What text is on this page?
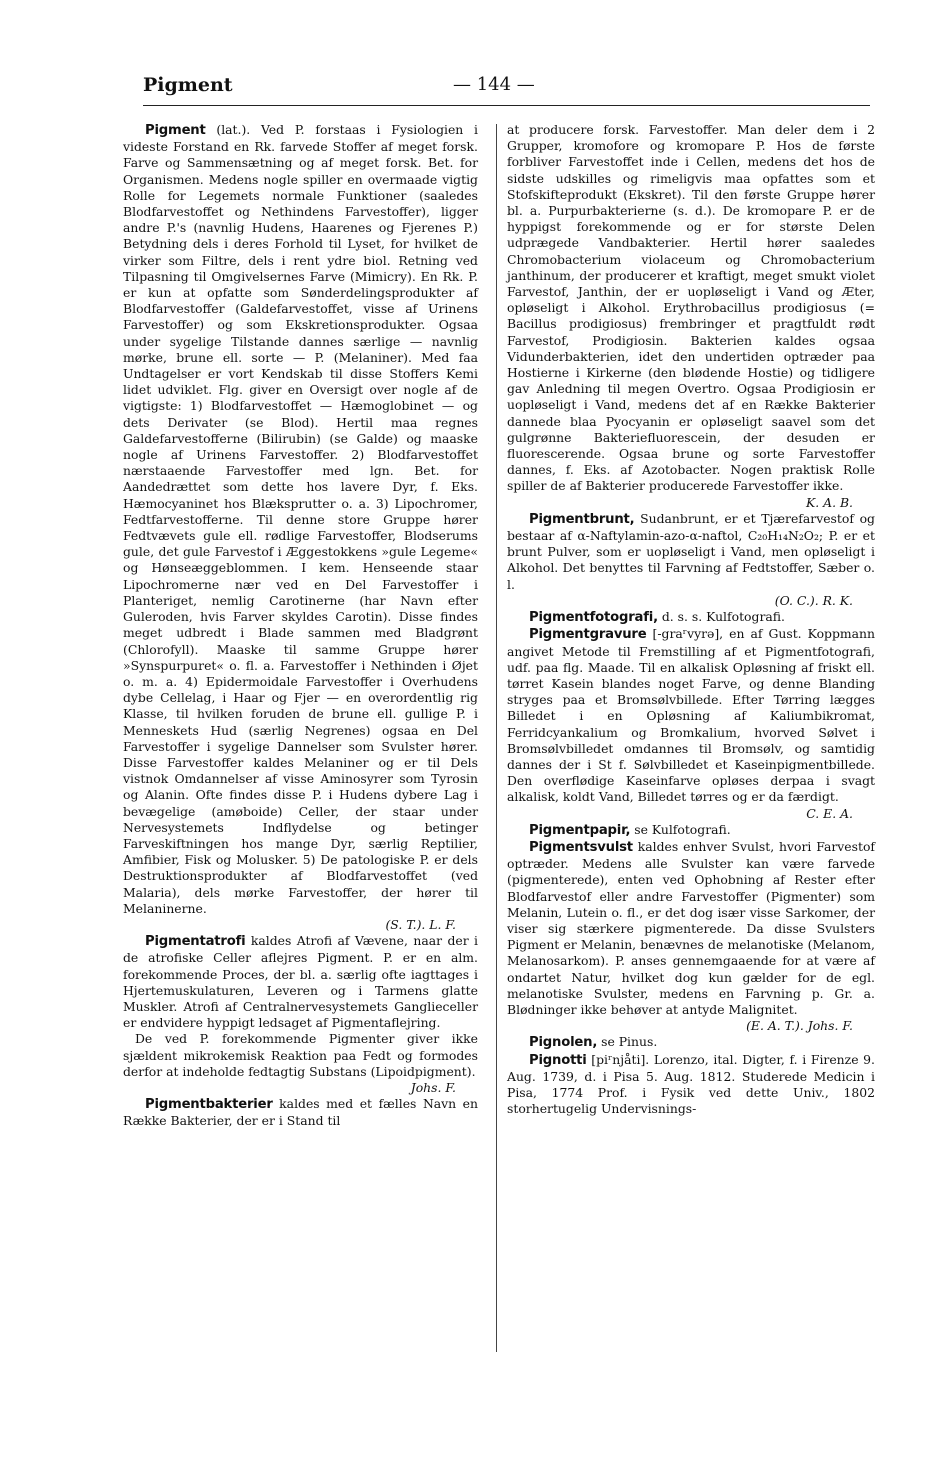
Pigment	— 144 —

Pigment (lat.). Ved P. forstaas i Fysiologien i videste Forstand en Rk. farvede Stoffer af meget forsk. Farve og Sammensætning og af meget forsk. Bet. for Organismen. Medens nogle spiller en overmaade vigtig Rolle for Legemets normale Funktioner (saaledes Blodfarvestoffet og Nethindens Farvestoffer), ligger andre P.'s (navnlig Hudens, Haarenes og Fjerenes P.) Betydning dels i deres Forhold til Lyset, for hvilket de virker som Filtre, dels i rent ydre biol. Retning ved Tilpasning til Omgivelsernes Farve (Mimicry). En Rk. P. er kun at opfatte som Sønderdelingsprodukter af Blodfarvestoffer (Galdefarvestoffet, visse af Urinens Farvestoffer) og som Ekskretionsprodukter. Ogsaa under sygelige Tilstande dannes særlige — navnlig mørke, brune ell. sorte — P. (Melaniner). Med faa Undtagelser er vort Kendskab til disse Stoffers Kemi lidet udviklet. Flg. giver en Oversigt over nogle af de vigtigste: 1) Blodfarvestoffet — Hæmoglobinet — og dets Derivater (se Blod). Hertil maa regnes Galdefarvestofferne (Bilirubin) (se Galde) og maaske nogle af Urinens Farvestoffer. 2) Blodfarvestoffet nærstaaende Farvestoffer med lgn. Bet. for Aandedrættet som dette hos lavere Dyr, f. Eks. Hæmocyaninet hos Blæksprutter o. a. 3) Lipochromer, Fedtfarvestofferne. Til denne store Gruppe hører Fedtvævets gule ell. rødlige Farvestoffer, Blodserums gule, det gule Farvestof i Æggestokkens »gule Legeme« og Hønseæggeblommen. I kem. Henseende staar Lipochromerne nær ved en Del Farvestoffer i Planteriget, nemlig Carotinerne (har Navn efter Guleroden, hvis Farver skyldes Carotin). Disse findes meget udbredt i Blade sammen med Bladgrønt (Chlorofyll). Maaske til samme Gruppe hører »Synspurpuret« o. fl. a. Farvestoffer i Nethinden i Øjet o. m. a. 4) Epidermoidale Farvestoffer i Overhudens dybe Cellelag, i Haar og Fjer — en overordentlig rig Klasse, til hvilken foruden de brune ell. gullige P. i Menneskets Hud (særlig Negrenes) ogsaa en Del Farvestoffer i sygelige Dannelser som Svulster hører. Disse Farvestoffer kaldes Melaniner og er til Dels vistnok Omdannelser af visse Aminosyrer som Tyrosin og Alanin. Ofte findes disse P. i Hudens dybere Lag i bevægelige (amøboide) Celler, der staar under Nervesystemets Indflydelse og betinger Farveskiftningen hos mange Dyr, særlig Reptilier, Amfibier, Fisk og Molusker. 5) De patologiske P. er dels Destruktionsprodukter af Blodfarvestoffet (ved Malaria), dels mørke Farvestoffer, der hører til Melaninerne.
(S. T.). L. F.

Pigmentatrofi kaldes Atrofi af Vævene, naar der i de atrofiske Celler aflejres Pigment. P. er en alm. forekommende Proces, der bl. a. særlig ofte iagttages i Hjertemuskulaturen, Leveren og i Tarmens glatte Muskler. Atrofi af Centralnervesystemets Ganglieceller er endvidere hyppigt ledsaget af Pigmentaflejring.

De ved P. forekommende Pigmenter giver ikke sjældent mikrokemisk Reaktion paa Fedt og formodes derfor at indeholde fedtagtig Substans (Lipoidpigment).
Johs. F.

Pigmentbakterier kaldes med et fælles Navn en Række Bakterier, der er i Stand til

at producere forsk. Farvestoffer. Man deler dem i 2 Grupper, kromofore og kromopare P. Hos de første forbliver Farvestoffet inde i Cellen, medens det hos de sidste udskilles og rimeligvis maa opfattes som et Stofskifteprodukt (Ekskret). Til den første Gruppe hører bl. a. Purpurbakterierne (s. d.). De kromopare P. er de hyppigst forekommende og er for største Delen udprægede Vandbakterier. Hertil hører saaledes Chromobacterium violaceum og Chromobacterium janthinum, der producerer et kraftigt, meget smukt violet Farvestof, Janthin, der er uopløseligt i Vand og Æter, opløseligt i Alkohol. Erythrobacillus prodigiosus (= Bacillus prodigiosus) frembringer et pragtfuldt rødt Farvestof, Prodigiosin. Bakterien kaldes ogsaa Vidunderbakterien, idet den undertiden optræder paa Hostierne i Kirkerne (den blødende Hostie) og tidligere gav Anledning til megen Overtro. Ogsaa Prodigiosin er uopløseligt i Vand, medens det af en Række Bakterier dannede blaa Pyocyanin er opløseligt saavel som det gulgrønne Bakteriefluorescein, der desuden er fluorescerende. Ogsaa brune og sorte Farvestoffer dannes, f. Eks. af Azotobacter. Nogen praktisk Rolle spiller de af Bakterier producerede Farvestoffer ikke.
K. A. B.

Pigmentbrunt, Sudanbrunt, er et Tjærefarvestof og bestaar af α-Naftylamin-azo-α-naftol, C₂₀H₁₄N₂O₂; P. er et brunt Pulver, som er uopløseligt i Vand, men opløseligt i Alkohol. Det benyttes til Farvning af Fedtstoffer, Sæber o. l.
(O. C.). R. K.

Pigmentfotografi, d. s. s. Kulfotografi.

Pigmentgravure [-graʳvyrə], en af Gust. Koppmann angivet Metode til Fremstilling af et Pigmentfotografi, udf. paa flg. Maade. Til en alkalisk Opløsning af friskt ell. tørret Kasein blandes noget Farve, og denne Blanding stryges paa et Bromsølvbillede. Efter Tørring lægges Billedet i en Opløsning af Kaliumbikromat, Ferridcyankalium og Bromkalium, hvorved Sølvet i Bromsølvbilledet omdannes til Bromsølv, og samtidig dannes der i St f. Sølvbilledet et Kaseinpigmentbillede. Den overflødige Kaseinfarve opløses derpaa i svagt alkalisk, koldt Vand, Billedet tørres og er da færdigt.
C. E. A.

Pigmentpapir, se Kulfotografi.

Pigmentsvulst kaldes enhver Svulst, hvori Farvestof optræder. Medens alle Svulster kan være farvede (pigmenterede), enten ved Ophobning af Rester efter Blodfarvestof eller andre Farvestoffer (Pigmenter) som Melanin, Lutein o. fl., er det dog især visse Sarkomer, der viser sig stærkere pigmenterede. Da disse Svulsters Pigment er Melanin, benævnes de melanotiske (Melanom, Melanosarkom). P. anses gennemgaaende for at være af ondartet Natur, hvilket dog kun gælder for de egl. melanotiske Svulster, medens en Farvning p. Gr. a. Blødninger ikke behøver at antyde Malignitet.
(E. A. T.). Johs. F.

Pignolen, se Pinus.

Pignotti [piʳnjåti]. Lorenzo, ital. Digter, f. i Firenze 9. Aug. 1739, d. i Pisa 5. Aug. 1812. Studerede Medicin i Pisa, 1774 Prof. i Fysik ved dette Univ., 1802 storhertugelig Undervisnings-
